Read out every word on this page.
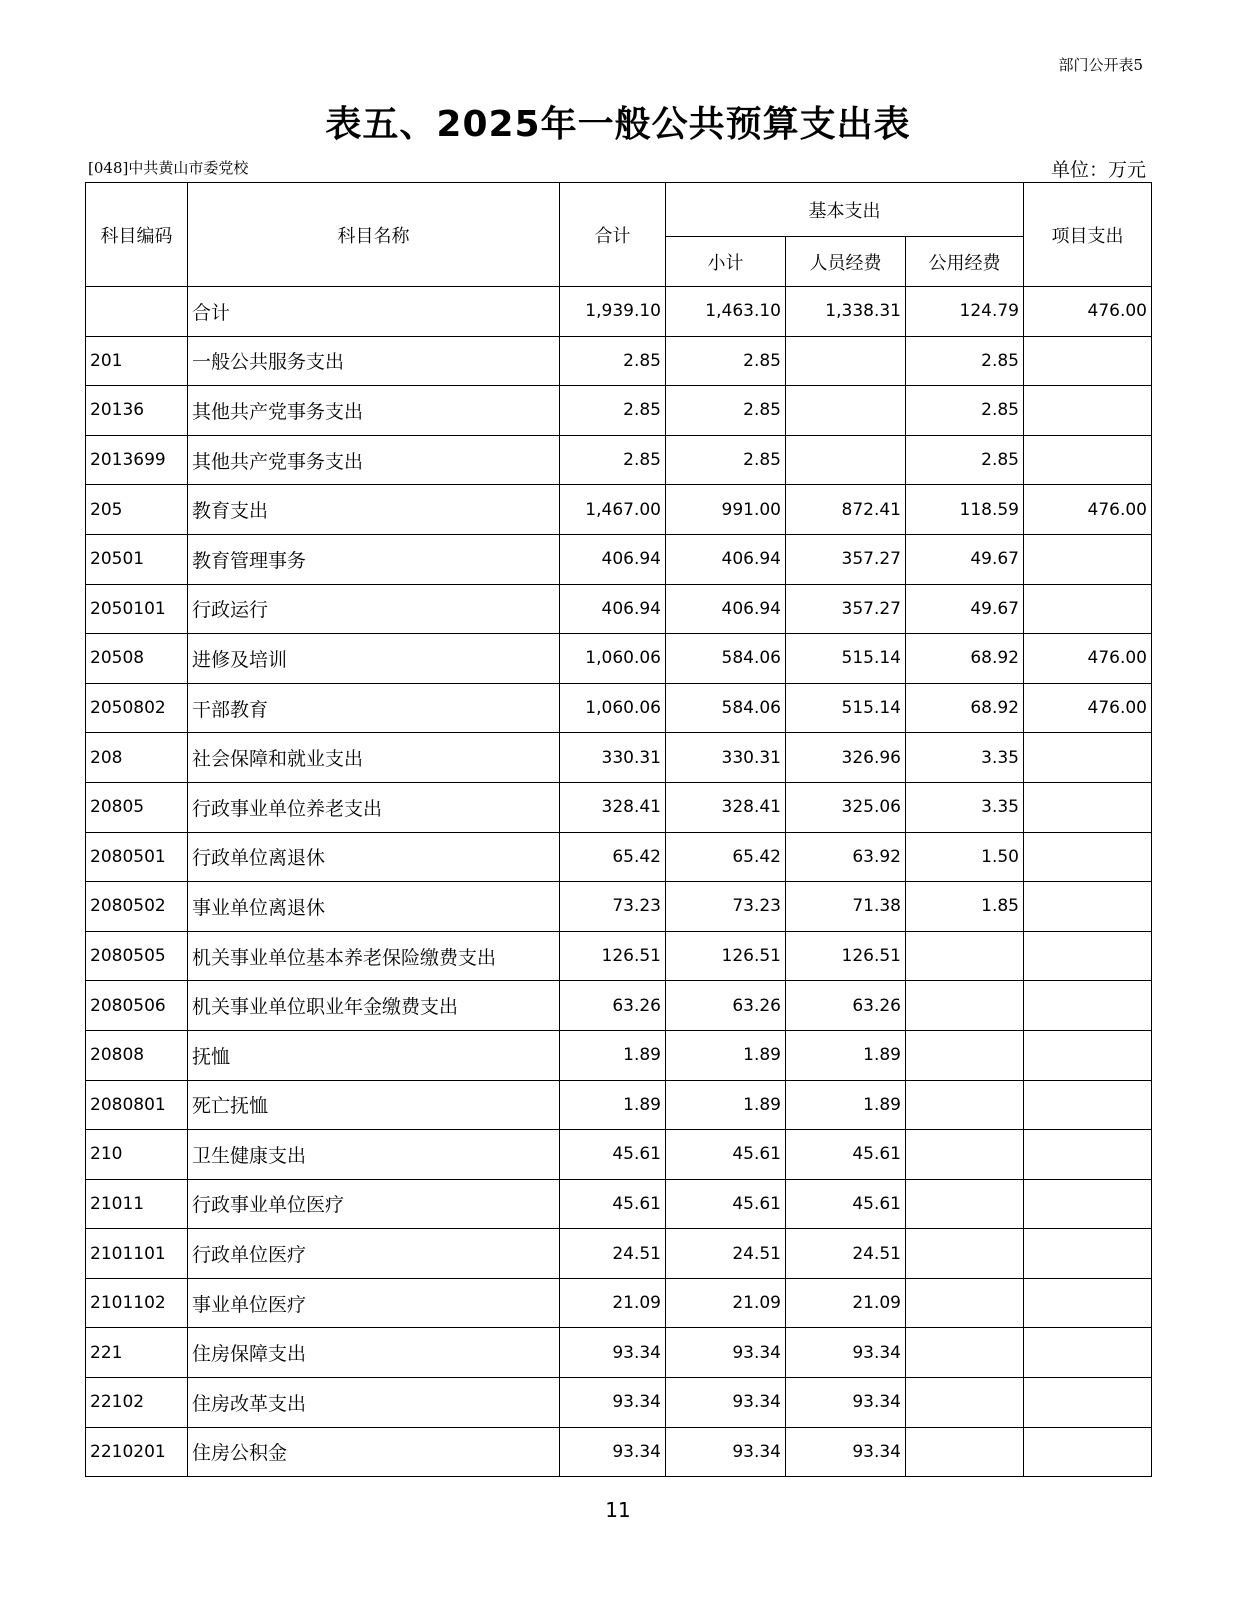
部门公开表5
表五、2025年一般公共预算支出表
[048]中共黄山市委党校	单位：万元
科目编码	科目名称	合计	基本支出			项目支出
			小计	人员经费	公用经费	
	合计	1,939.10	1,463.10	1,338.31	124.79	476.00
201	一般公共服务支出	2.85	2.85		2.85	
20136	其他共产党事务支出	2.85	2.85		2.85	
2013699	其他共产党事务支出	2.85	2.85		2.85	
205	教育支出	1,467.00	991.00	872.41	118.59	476.00
20501	教育管理事务	406.94	406.94	357.27	49.67	
2050101	行政运行	406.94	406.94	357.27	49.67	
20508	进修及培训	1,060.06	584.06	515.14	68.92	476.00
2050802	干部教育	1,060.06	584.06	515.14	68.92	476.00
208	社会保障和就业支出	330.31	330.31	326.96	3.35	
20805	行政事业单位养老支出	328.41	328.41	325.06	3.35	
2080501	行政单位离退休	65.42	65.42	63.92	1.50	
2080502	事业单位离退休	73.23	73.23	71.38	1.85	
2080505	机关事业单位基本养老保险缴费支出	126.51	126.51	126.51		
2080506	机关事业单位职业年金缴费支出	63.26	63.26	63.26		
20808	抚恤	1.89	1.89	1.89		
2080801	死亡抚恤	1.89	1.89	1.89		
210	卫生健康支出	45.61	45.61	45.61		
21011	行政事业单位医疗	45.61	45.61	45.61		
2101101	行政单位医疗	24.51	24.51	24.51		
2101102	事业单位医疗	21.09	21.09	21.09		
221	住房保障支出	93.34	93.34	93.34		
22102	住房改革支出	93.34	93.34	93.34		
2210201	住房公积金	93.34	93.34	93.34		
11
